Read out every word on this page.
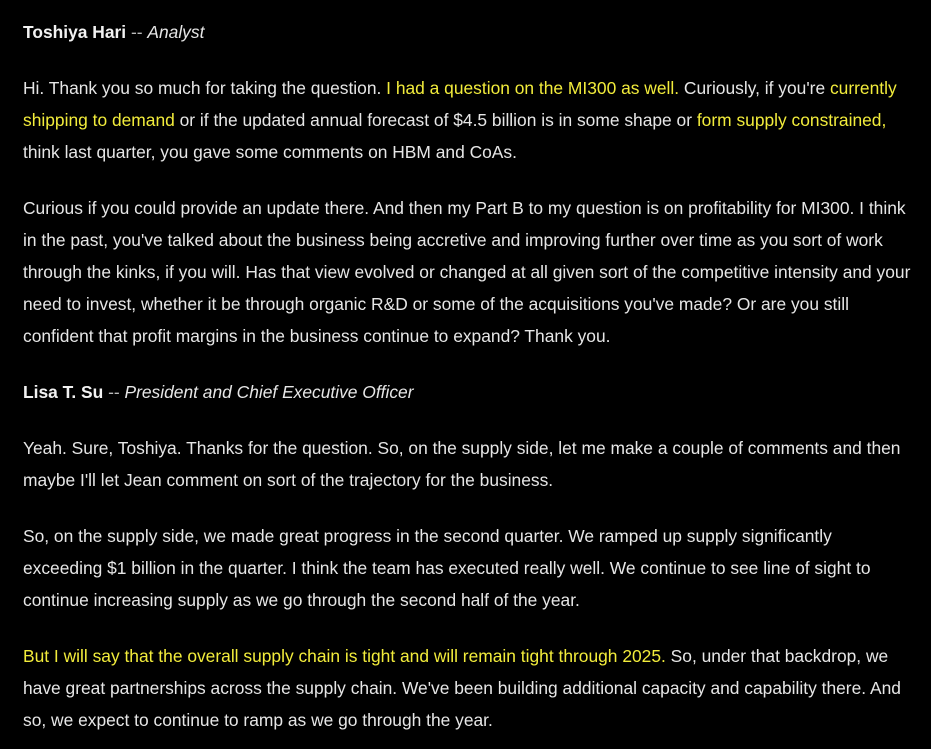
Toshiya Hari -- Analyst

Hi. Thank you so much for taking the question. I had a question on the MI300 as well. Curiously, if you're currently shipping to demand or if the updated annual forecast of $4.5 billion is in some shape or form supply constrained, think last quarter, you gave some comments on HBM and CoAs.

Curious if you could provide an update there. And then my Part B to my question is on profitability for MI300. I think in the past, you've talked about the business being accretive and improving further over time as you sort of work through the kinks, if you will. Has that view evolved or changed at all given sort of the competitive intensity and your need to invest, whether it be through organic R&D or some of the acquisitions you've made? Or are you still confident that profit margins in the business continue to expand? Thank you.

Lisa T. Su -- President and Chief Executive Officer

Yeah. Sure, Toshiya. Thanks for the question. So, on the supply side, let me make a couple of comments and then maybe I'll let Jean comment on sort of the trajectory for the business.

So, on the supply side, we made great progress in the second quarter. We ramped up supply significantly exceeding $1 billion in the quarter. I think the team has executed really well. We continue to see line of sight to continue increasing supply as we go through the second half of the year.

But I will say that the overall supply chain is tight and will remain tight through 2025. So, under that backdrop, we have great partnerships across the supply chain. We've been building additional capacity and capability there. And so, we expect to continue to ramp as we go through the year.
